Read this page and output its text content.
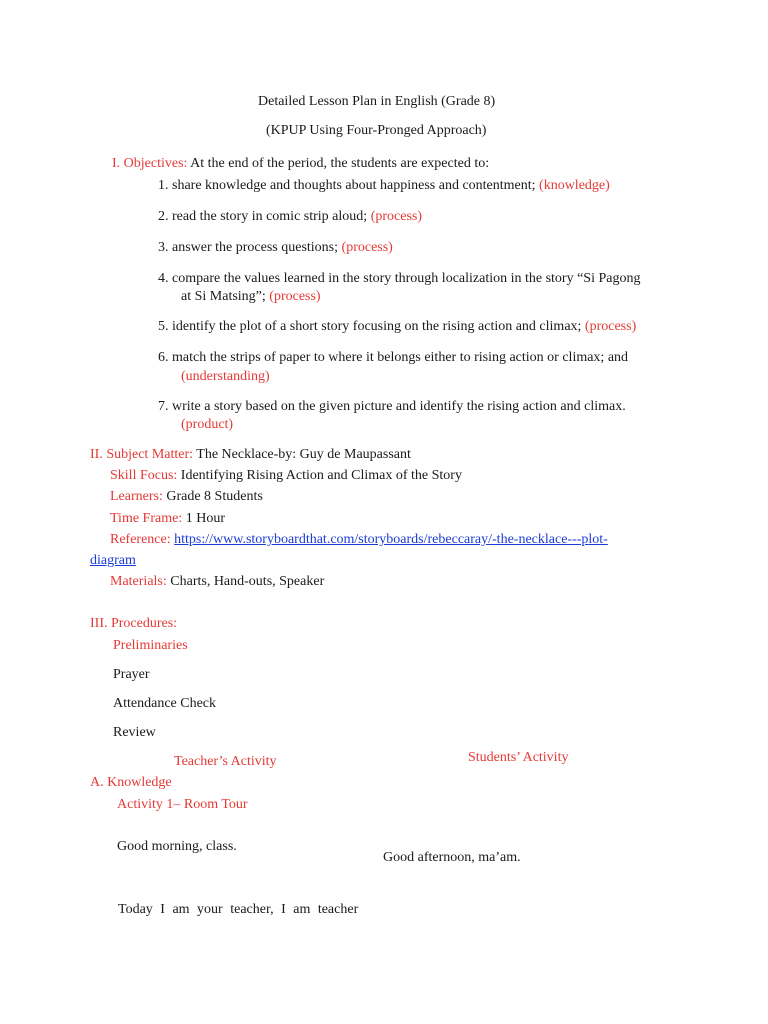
Detailed Lesson Plan in English (Grade 8)
(KPUP Using Four-Pronged Approach)
I. Objectives: At the end of the period, the students are expected to:
1. share knowledge and thoughts about happiness and contentment; (knowledge)
2. read the story in comic strip aloud; (process)
3. answer the process questions; (process)
4. compare the values learned in the story through localization in the story “Si Pagong
at Si Matsing”; (process)
5. identify the plot of a short story focusing on the rising action and climax; (process)
6. match the strips of paper to where it belongs either to rising action or climax; and
(understanding)
7. write a story based on the given picture and identify the rising action and climax.
(product)
II. Subject Matter: The Necklace-by: Guy de Maupassant
Skill Focus: Identifying Rising Action and Climax of the Story
Learners: Grade 8 Students
Time Frame: 1 Hour
Reference: https://www.storyboardthat.com/storyboards/rebeccaray/-the-necklace---plot-
diagram
Materials: Charts, Hand-outs, Speaker
III. Procedures:
Preliminaries
Prayer
Attendance Check
Review
Teacher’s Activity	Students’ Activity
A. Knowledge
Activity 1– Room Tour
Good morning, class.
Good afternoon, ma’am.
Today I am your teacher, I am teacher
